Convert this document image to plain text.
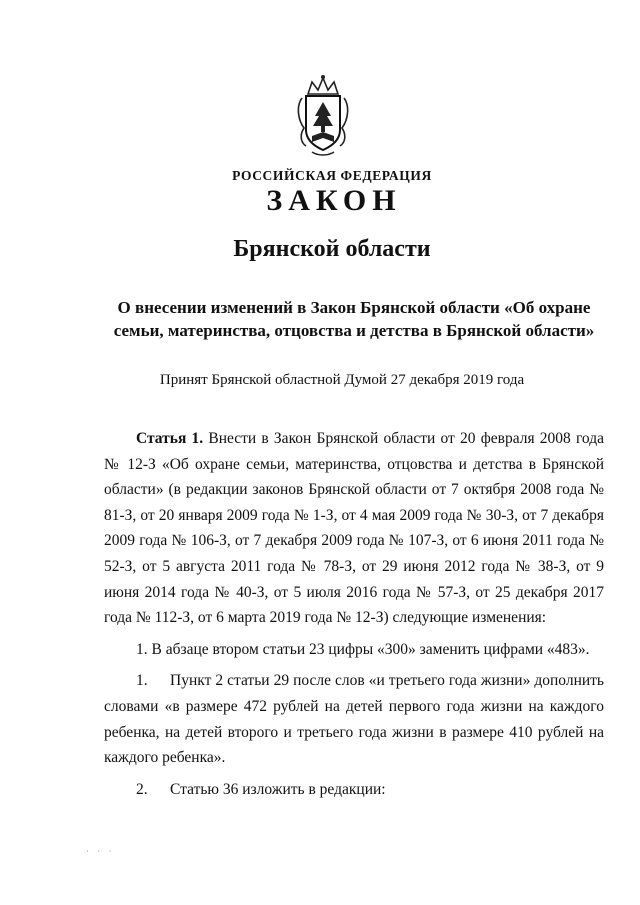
РОССИЙСКАЯ ФЕДЕРАЦИЯ
ЗАКОН
Брянской области
О внесении изменений в Закон Брянской области «Об охране семьи, материнства, отцовства и детства в Брянской области»
Принят Брянской областной Думой 27 декабря 2019 года

Статья 1. Внести в Закон Брянской области от 20 февраля 2008 года № 12-З «Об охране семьи, материнства, отцовства и детства в Брянской области» (в редакции законов Брянской области от 7 октября 2008 года № 81-З, от 20 января 2009 года № 1-З, от 4 мая 2009 года № 30-З, от 7 декабря 2009 года № 106-З, от 7 декабря 2009 года № 107-З, от 6 июня 2011 года № 52-З, от 5 августа 2011 года № 78-З, от 29 июня 2012 года № 38-З, от 9 июня 2014 года № 40-З, от 5 июля 2016 года № 57-З, от 25 декабря 2017 года № 112-З, от 6 марта 2019 года № 12-З) следующие изменения:

1. В абзаце втором статьи 23 цифры «300» заменить цифрами «483».

1. Пункт 2 статьи 29 после слов «и третьего года жизни» дополнить словами «в размере 472 рублей на детей первого года жизни на каждого ребенка, на детей второго и третьего года жизни в размере 410 рублей на каждого ребенка».

2. Статью 36 изложить в редакции:

· · ·
